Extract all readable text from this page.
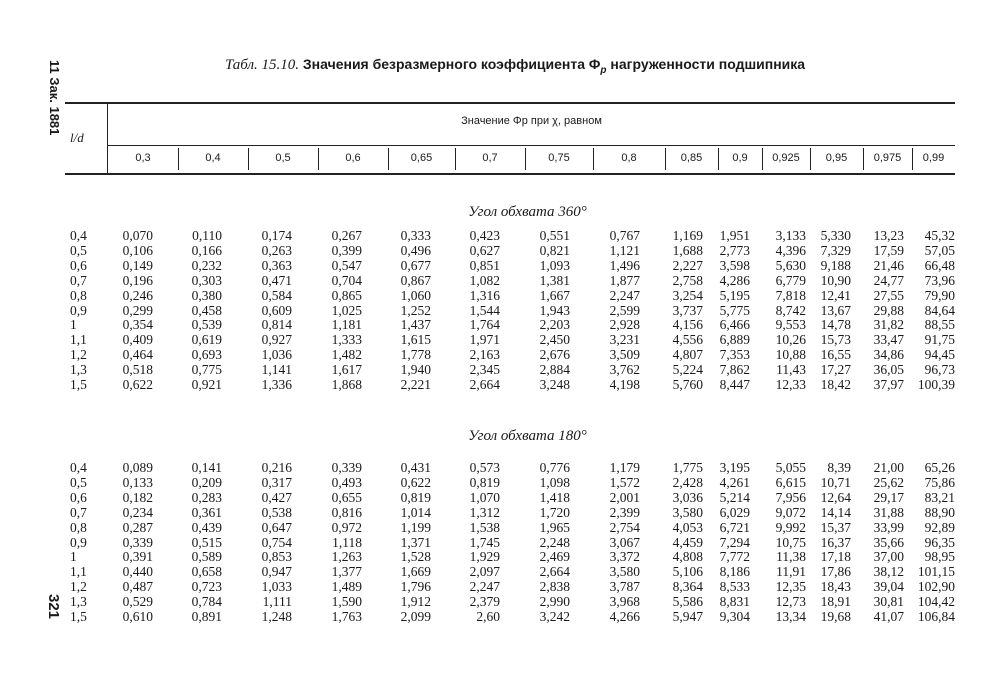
11 Зак. 1881
321
Табл. 15.10. Значения безразмерного коэффициента $\Phi_p$ нагруженности подшипника
l/d
Значение Φp при χ, равном
0,3	0,4	0,5	0,6	0,65	0,7	0,75	0,8	0,85	0,9	0,925	0,95	0,975	0,99
Угол обхвата 360°
0,4	0,070	0,110	0,174	0,267	0,333	0,423	0,551	0,767	1,169	1,951	3,133	5,330	13,23	45,32
0,5	0,106	0,166	0,263	0,399	0,496	0,627	0,821	1,121	1,688	2,773	4,396	7,329	17,59	57,05
0,6	0,149	0,232	0,363	0,547	0,677	0,851	1,093	1,496	2,227	3,598	5,630	9,188	21,46	66,48
0,7	0,196	0,303	0,471	0,704	0,867	1,082	1,381	1,877	2,758	4,286	6,779	10,90	24,77	73,96
0,8	0,246	0,380	0,584	0,865	1,060	1,316	1,667	2,247	3,254	5,195	7,818	12,41	27,55	79,90
0,9	0,299	0,458	0,609	1,025	1,252	1,544	1,943	2,599	3,737	5,775	8,742	13,67	29,88	84,64
1	0,354	0,539	0,814	1,181	1,437	1,764	2,203	2,928	4,156	6,466	9,553	14,78	31,82	88,55
1,1	0,409	0,619	0,927	1,333	1,615	1,971	2,450	3,231	4,556	6,889	10,26	15,73	33,47	91,75
1,2	0,464	0,693	1,036	1,482	1,778	2,163	2,676	3,509	4,807	7,353	10,88	16,55	34,86	94,45
1,3	0,518	0,775	1,141	1,617	1,940	2,345	2,884	3,762	5,224	7,862	11,43	17,27	36,05	96,73
1,5	0,622	0,921	1,336	1,868	2,221	2,664	3,248	4,198	5,760	8,447	12,33	18,42	37,97	100,39
Угол обхвата 180°
0,4	0,089	0,141	0,216	0,339	0,431	0,573	0,776	1,179	1,775	3,195	5,055	8,39	21,00	65,26
0,5	0,133	0,209	0,317	0,493	0,622	0,819	1,098	1,572	2,428	4,261	6,615	10,71	25,62	75,86
0,6	0,182	0,283	0,427	0,655	0,819	1,070	1,418	2,001	3,036	5,214	7,956	12,64	29,17	83,21
0,7	0,234	0,361	0,538	0,816	1,014	1,312	1,720	2,399	3,580	6,029	9,072	14,14	31,88	88,90
0,8	0,287	0,439	0,647	0,972	1,199	1,538	1,965	2,754	4,053	6,721	9,992	15,37	33,99	92,89
0,9	0,339	0,515	0,754	1,118	1,371	1,745	2,248	3,067	4,459	7,294	10,75	16,37	35,66	96,35
1	0,391	0,589	0,853	1,263	1,528	1,929	2,469	3,372	4,808	7,772	11,38	17,18	37,00	98,95
1,1	0,440	0,658	0,947	1,377	1,669	2,097	2,664	3,580	5,106	8,186	11,91	17,86	38,12	101,15
1,2	0,487	0,723	1,033	1,489	1,796	2,247	2,838	3,787	8,364	8,533	12,35	18,43	39,04	102,90
1,3	0,529	0,784	1,111	1,590	1,912	2,379	2,990	3,968	5,586	8,831	12,73	18,91	30,81	104,42
1,5	0,610	0,891	1,248	1,763	2,099	2,60	3,242	4,266	5,947	9,304	13,34	19,68	41,07	106,84
